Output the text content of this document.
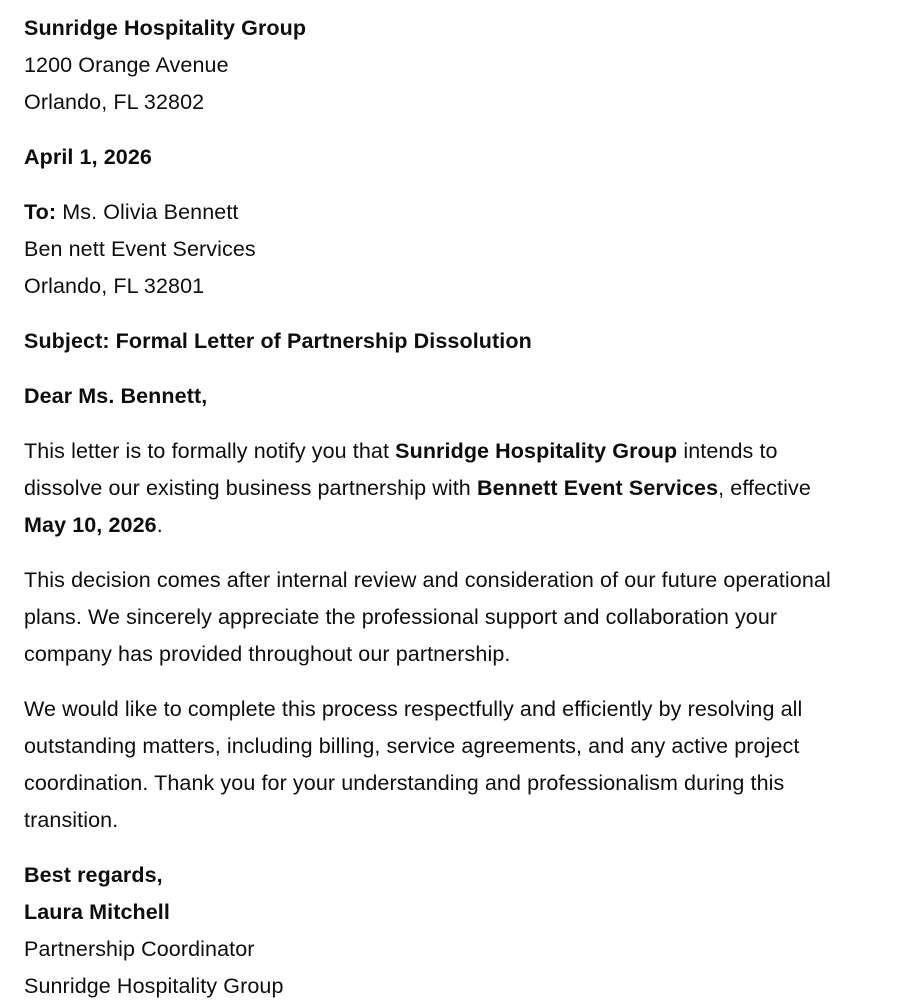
Sunridge Hospitality Group
1200 Orange Avenue
Orlando, FL 32802
April 1, 2026
To: Ms. Olivia Bennett
Ben nett Event Services
Orlando, FL 32801
Subject: Formal Letter of Partnership Dissolution
Dear Ms. Bennett,

This letter is to formally notify you that Sunridge Hospitality Group intends to dissolve our existing business partnership with Bennett Event Services, effective May 10, 2026.

This decision comes after internal review and consideration of our future operational plans. We sincerely appreciate the professional support and collaboration your company has provided throughout our partnership.

We would like to complete this process respectfully and efficiently by resolving all outstanding matters, including billing, service agreements, and any active project coordination. Thank you for your understanding and professionalism during this transition.

Best regards,
Laura Mitchell
Partnership Coordinator
Sunridge Hospitality Group
